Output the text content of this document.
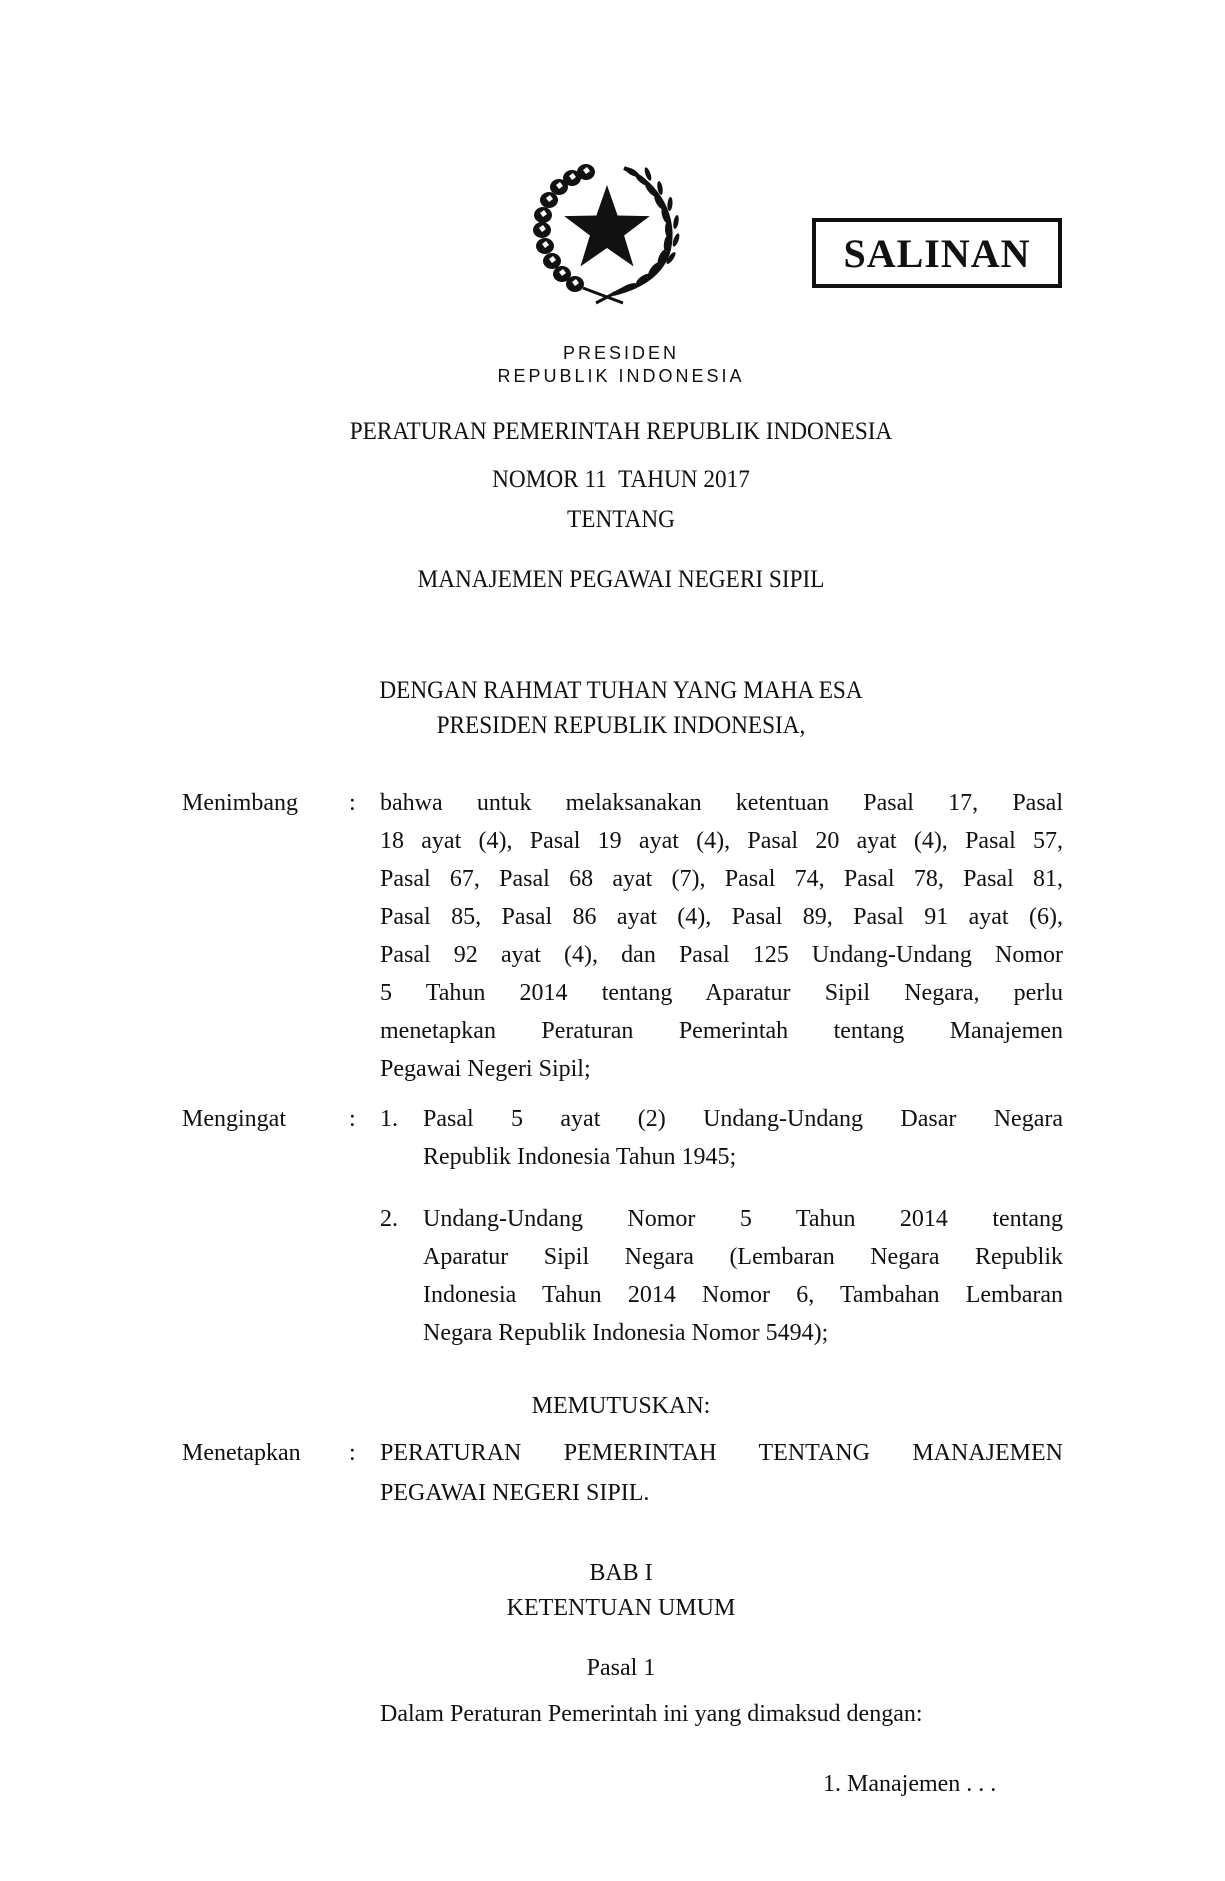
SALINAN
PRESIDEN
REPUBLIK INDONESIA
PERATURAN PEMERINTAH REPUBLIK INDONESIA
NOMOR 11  TAHUN 2017
TENTANG
MANAJEMEN PEGAWAI NEGERI SIPIL
DENGAN RAHMAT TUHAN YANG MAHA ESA
PRESIDEN REPUBLIK INDONESIA,
Menimbang : bahwa untuk melaksanakan ketentuan Pasal 17, Pasal
18 ayat (4), Pasal 19 ayat (4), Pasal 20 ayat (4), Pasal 57,
Pasal 67, Pasal 68 ayat (7), Pasal 74, Pasal 78, Pasal 81,
Pasal 85, Pasal 86 ayat (4), Pasal 89, Pasal 91 ayat (6),
Pasal 92 ayat (4), dan Pasal 125 Undang-Undang Nomor
5 Tahun 2014 tentang Aparatur Sipil Negara, perlu
menetapkan Peraturan Pemerintah tentang Manajemen
Pegawai Negeri Sipil;
Mengingat	: 1. Pasal 5 ayat (2) Undang-Undang Dasar Negara
Republik Indonesia Tahun 1945;
2. Undang-Undang Nomor 5 Tahun 2014 tentang
Aparatur Sipil Negara (Lembaran Negara Republik
Indonesia Tahun 2014 Nomor 6, Tambahan Lembaran
Negara Republik Indonesia Nomor 5494);
MEMUTUSKAN:
Menetapkan : PERATURAN PEMERINTAH TENTANG MANAJEMEN
PEGAWAI NEGERI SIPIL.
BAB I
KETENTUAN UMUM
Pasal 1
Dalam Peraturan Pemerintah ini yang dimaksud dengan:
1. Manajemen . . .
